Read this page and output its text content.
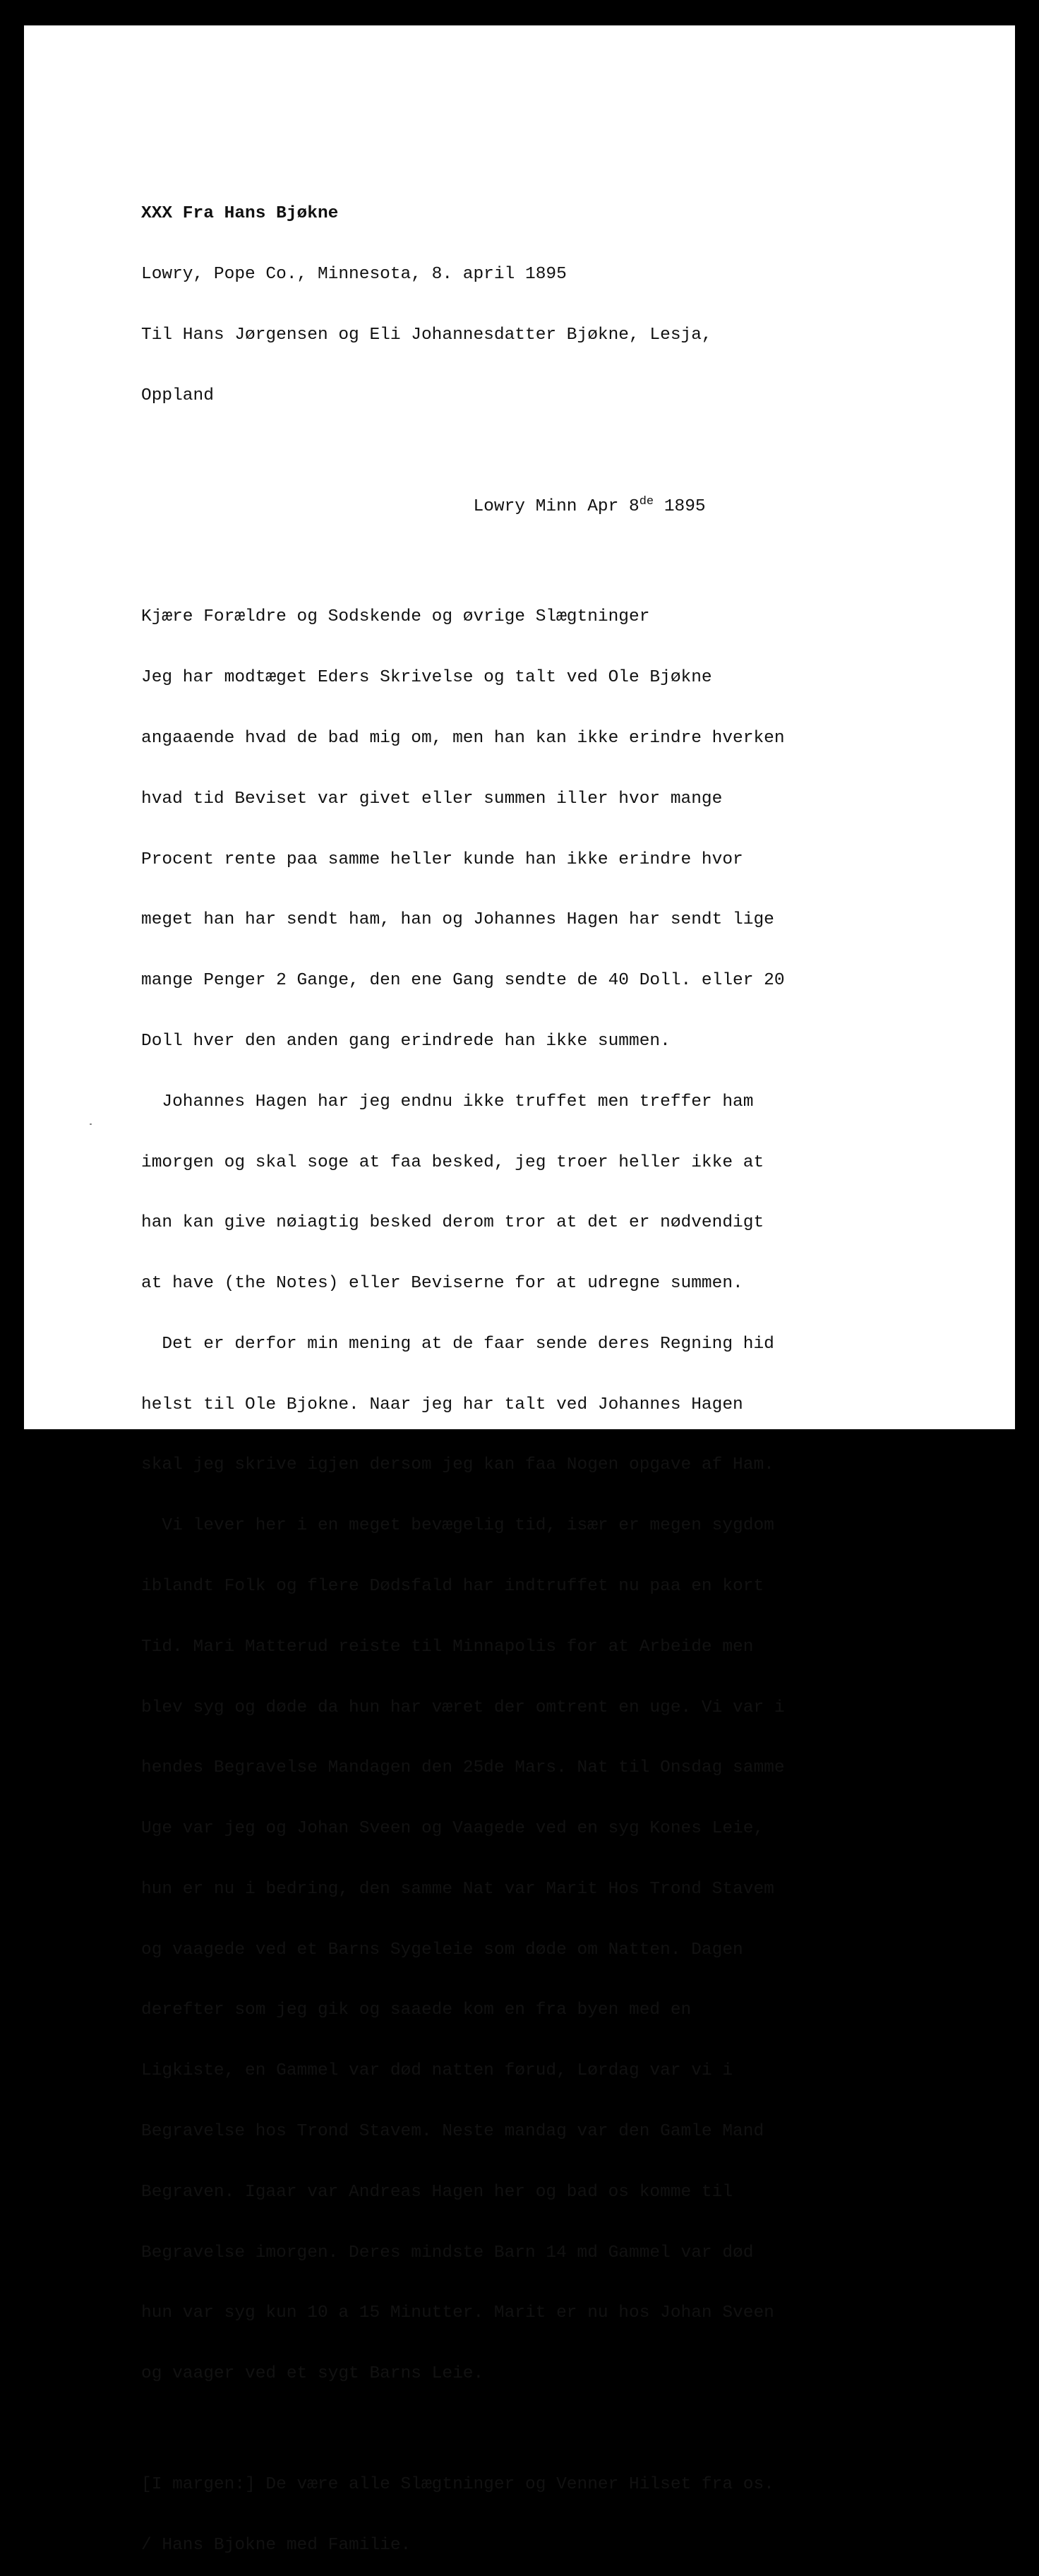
XXX Fra Hans Bjøkne

Lowry, Pope Co., Minnesota, 8. april 1895

Til Hans Jørgensen og Eli Johannesdatter Bjøkne, Lesja,

Oppland

Lowry Minn Apr 8de 1895

Kjære Forældre og Sodskende og øvrige Slægtninger

Jeg har modtæget Eders Skrivelse og talt ved Ole Bjøkne

angaaende hvad de bad mig om, men han kan ikke erindre hverken

hvad tid Beviset var givet eller summen iller hvor mange

Procent rente paa samme heller kunde han ikke erindre hvor

meget han har sendt ham, han og Johannes Hagen har sendt lige

mange Penger 2 Gange, den ene Gang sendte de 40 Doll. eller 20

Doll hver den anden gang erindrede han ikke summen.

Johannes Hagen har jeg endnu ikke truffet men treffer ham

imorgen og skal soge at faa besked, jeg troer heller ikke at

han kan give nøiagtig besked derom tror at det er nødvendigt

at have (the Notes) eller Beviserne for at udregne summen.

Det er derfor min mening at de faar sende deres Regning hid

helst til Ole Bjokne. Naar jeg har talt ved Johannes Hagen

skal jeg skrive igjen dersom jeg kan faa Nogen opgave af Ham.

Vi lever her i en meget bevægelig tid, især er megen sygdom

iblandt Folk og flere Dødsfald har indtruffet nu paa en kort

Tid. Mari Matterud reiste til Minnapolis for at Arbeide men

blev syg og døde da hun har været der omtrent en uge. Vi var i

hendes Begravelse Mandagen den 25de Mars. Nat til Onsdag samme

Uge var jeg og Johan Sveen og Vaagede ved en syg Kones Leie,

hun er nu i bedring, den samme Nat var Marit Hos Trond Stavem

og vaagede ved et Barns Sygeleie som døde om Natten. Dagen

derefter som jeg gik og saaede kom en fra byen med en

Ligkiste, en Gammel var død natten førud, Lørdag var vi i

Begravelse hos Trond Stavem. Neste mandag var den Gamle Mand

Begraven. Igaar var Andreas Hagen her og bad os komme til

Begravelse imorgen. Deres mindste Barn 14 md Gammel var død

hun var syg kun 10 a 15 Minutter. Marit er nu hos Johan Sveen

og vaager ved et sygt Barns Leie.

[I margen:] De være alle Slægtninger og Venner Hilset fra os.

/ Hans Bjokne med Familie.
